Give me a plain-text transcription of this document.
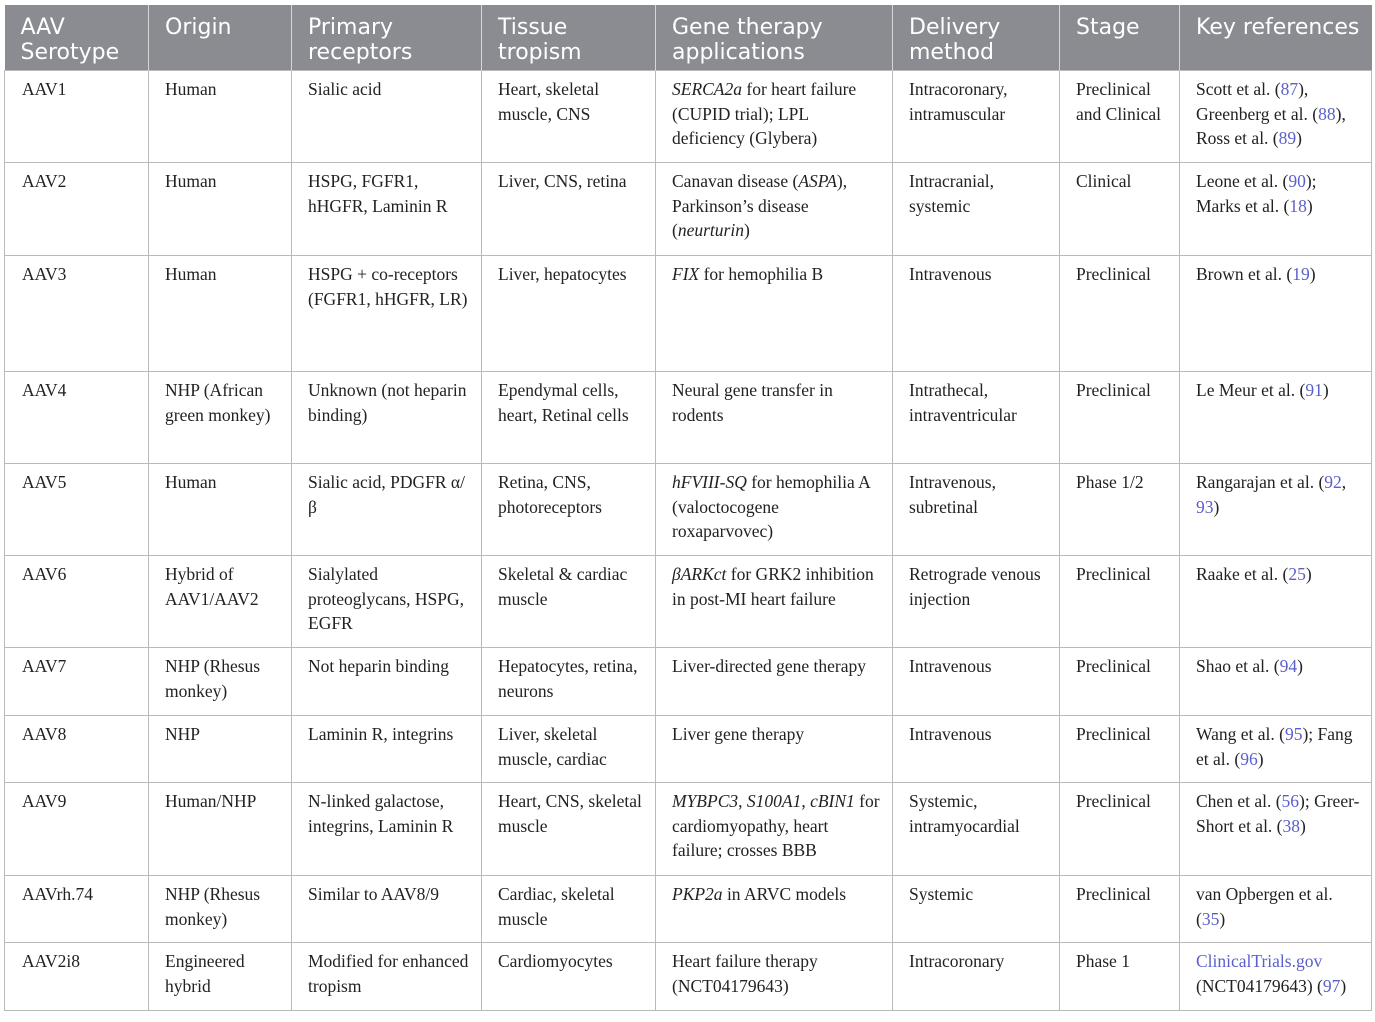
AAV Serotype	Origin	Primary receptors	Tissue tropism	Gene therapy applications	Delivery method	Stage	Key references
AAV1	Human	Sialic acid	Heart, skeletal muscle, CNS	SERCA2a for heart failure (CUPID trial); LPL deficiency (Glybera)	Intracoronary, intramuscular	Preclinical and Clinical	Scott et al. (87), Greenberg et al. (88), Ross et al. (89)
AAV2	Human	HSPG, FGFR1, hHGFR, Laminin R	Liver, CNS, retina	Canavan disease (ASPA), Parkinson’s disease (neurturin)	Intracranial, systemic	Clinical	Leone et al. (90); Marks et al. (18)
AAV3	Human	HSPG + co-receptors (FGFR1, hHGFR, LR)	Liver, hepatocytes	FIX for hemophilia B	Intravenous	Preclinical	Brown et al. (19)
AAV4	NHP (African green monkey)	Unknown (not heparin binding)	Ependymal cells, heart, Retinal cells	Neural gene transfer in rodents	Intrathecal, intraventricular	Preclinical	Le Meur et al. (91)
AAV5	Human	Sialic acid, PDGFR α/β	Retina, CNS, photoreceptors	hFVIII-SQ for hemophilia A (valoctocogene roxaparvovec)	Intravenous, subretinal	Phase 1/2	Rangarajan et al. (92, 93)
AAV6	Hybrid of AAV1/AAV2	Sialylated proteoglycans, HSPG, EGFR	Skeletal & cardiac muscle	βARKct for GRK2 inhibition in post-MI heart failure	Retrograde venous injection	Preclinical	Raake et al. (25)
AAV7	NHP (Rhesus monkey)	Not heparin binding	Hepatocytes, retina, neurons	Liver-directed gene therapy	Intravenous	Preclinical	Shao et al. (94)
AAV8	NHP	Laminin R, integrins	Liver, skeletal muscle, cardiac	Liver gene therapy	Intravenous	Preclinical	Wang et al. (95); Fang et al. (96)
AAV9	Human/NHP	N-linked galactose, integrins, Laminin R	Heart, CNS, skeletal muscle	MYBPC3, S100A1, cBIN1 for cardiomyopathy, heart failure; crosses BBB	Systemic, intramyocardial	Preclinical	Chen et al. (56); Greer-Short et al. (38)
AAVrh.74	NHP (Rhesus monkey)	Similar to AAV8/9	Cardiac, skeletal muscle	PKP2a in ARVC models	Systemic	Preclinical	van Opbergen et al. (35)
AAV2i8	Engineered hybrid	Modified for enhanced tropism	Cardiomyocytes	Heart failure therapy (NCT04179643)	Intracoronary	Phase 1	ClinicalTrials.gov (NCT04179643) (97)
